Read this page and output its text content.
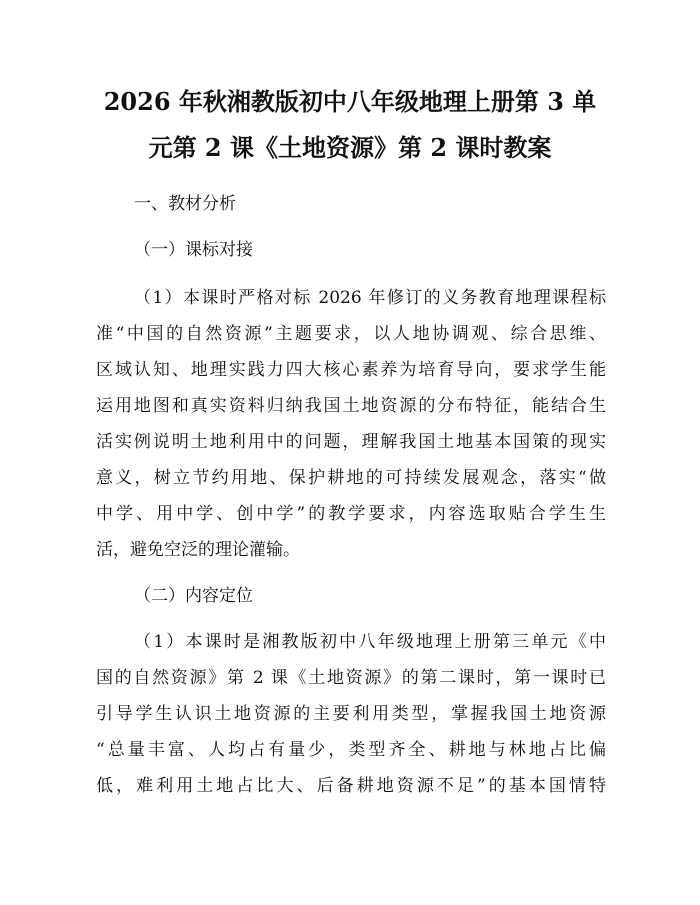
2026 年秋湘教版初中八年级地理上册第 3 单
元第 2 课《土地资源》第 2 课时教案

一、教材分析

（一）课标对接

（1）本课时严格对标 2026 年修订的义务教育地理课程标

准“中国的自然资源”主题要求，以人地协调观、综合思维、

区域认知、地理实践力四大核心素养为培育导向，要求学生能

运用地图和真实资料归纳我国土地资源的分布特征，能结合生

活实例说明土地利用中的问题，理解我国土地基本国策的现实

意义，树立节约用地、保护耕地的可持续发展观念，落实“做

中学、用中学、创中学”的教学要求，内容选取贴合学生生

活，避免空泛的理论灌输。

（二）内容定位

（1）本课时是湘教版初中八年级地理上册第三单元《中

国的自然资源》第 2 课《土地资源》的第二课时，第一课时已

引导学生认识土地资源的主要利用类型，掌握我国土地资源

“总量丰富、人均占有量少，类型齐全、耕地与林地占比偏

低，难利用土地占比大、后备耕地资源不足”的基本国情特
